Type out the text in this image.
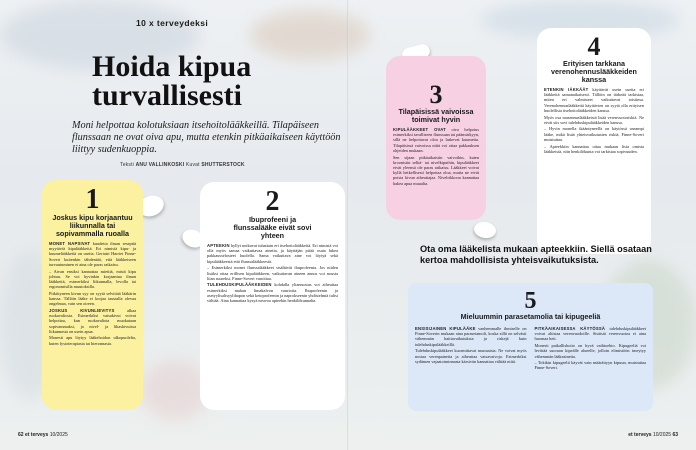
10 x terveydeksi
Hoida kipua turvallisesti
Moni helpottaa kolotuksiaan itsehoitolääkkeillä. Tilapäiseen flunssaan ne ovat oiva apu, mutta etenkin pitkäaikaiseen käyttöön liittyy sudenkuoppia.
Teksti ANU VALLINKOSKI Kuvat SHUTTERSTOCK
1
Joskus kipu korjaantuu liikunnalla tai sopivammalla ruoalla

MONET NAPSIVAT kuudetta ilman reseptiä myytäviä kipulääkkeitä. Eri nimisiä kipu- ja kuumelääkkeitä on useita. Geriatri Harriet Finne-Soveri kuitenkin tähdentää, että lääkkeiseen turvautuminen ei aina ole paras ratkaisu.

– Aivan ensiksi kannattaa miettiä, mistä kipu johtuu. Se voi hyvinkin korjaantua ilman lääkkeitä, esimerkiksi liikunnalla, levolla tai ergonomisilla muutoksilla.

Pitkittyneen kivun syy on syytä selvittää lääkärin kanssa. Tällöin lääke ei korjaa taustalla olevaa ongelmaa, vain sen oireen.

JOSKUS KIVUNLIEVITYS alkaa ruokavaliosta. Esimerkiksi vatsakivut voivat helpottaa, kun ruokavaliota muokataan sopivammaksi, ja nivel- ja lihaskivuissa liikunnasta on usein apua.

Monesti apu löytyy lääkehoidon ulkopuolelta, kuten fysioterapiasta tai hieronnasta.

2
Ibuprofeeni ja flunssalääke eivät sovi yhteen

APTEEKIN hyllyt notkuvat tuhattain eri itsehoitolääkkeitä. Eri nimisiä voi olla myös samaa vaikuttavaa ainetta, ja käyttäjän pitää osata lukea pakkausselosteet huolella. Sama vaikuttava aine voi löytyä sekä kipulääkkeestä että flunssalääkkeestä.

– Esimerkiksi monet flunssalääkkeet sisältävät ibuprofeenia. Jos niiden lisäksi ottaa erillisen kipulääkkeen, vaikuttavan aineen annos voi nousta liian suureksi, Finne-Soveri varoittaa.

TULEHDUSKIPULÄÄKKEIDEN kohdalla yliannostus voi aiheuttaa esimerkiksi mahan limakalvon vaurioita. Ibuprofeenin ja asetyylisalisyylihapon sekä ketoprofeenin ja naprokseenin yhdistelmiä tulisi välttää. Aina kannattaa kysyä neuvoa apteekin henkilökunnalta.

3
Tilapäisissä vaivoissa toimivat hyvin

KIPULÄÄKKEET OVAT oiva helpotus esimerkiksi tavalliseen flunssaan tai päänsärkyyn, sillä ne helpottavat oloa ja laskevat kuumetta. Tilapäisissä vaivoissa niitä voi ottaa pakkauksen ohjeiden mukaan.

Sen sijaan pitkäaikaisiin vaivoihin, kuten kroonisiin selkä- tai nivelkipuihin, kipulääkkeet eivät yleensä ole paras ratkaisu. Lääkkeet voivat kyllä hetkellisesti helpottaa oloa, mutta ne eivät poista kivun aiheuttajaa. Nivelrikkoon kannattaa hakea apua muualta.

4
Erityisen tarkkana verenohennuslääkkeiden kanssa

ETENKIN IÄKKÄÄT käyttävät usein useita eri lääkkeitä samanaikaisesti. Tällöin on tärkeää tarkistaa, miten eri valmisteet vaikuttavat toisiinsa. Verenohennuslääkkeitä käyttävien on syytä olla erityisen huolellisia itsehoitolääkkeiden kanssa.

Myös osa masennuslääkkeistä lisää verenvuotoriskiä. Ne eivät siis sovi tulehduskipulääkkeiden kanssa.

– Hyvin monella ikääntyneellä on käytössä useampi lääke, mikä lisää yhteisvaikutusten riskiä, Finne-Soveri muistuttaa.

– Apteekkiin kannattaa ottaa mukaan lista omista lääkkeistä, niin henkilökunta voi tarkistaa sopivuuden.

Ota oma lääkelista mukaan apteekkiin. Siellä osataan kertoa mahdollisista yhteisvaikutuksista.
5
Mieluummin parasetamolia tai kipugeeliä

ENSISIJAINEN KIPULÄÄKE vanhemmalle ihmiselle on Finne-Soverin mukaan aina parasetamoli, koska sillä on selvästi vähemmän haittavaikutuksia ja riskejä kuin tulehduskipulääkkeillä.

Tulehduskipulääkkeet kuormittavat munuaisia. Ne voivat myös nostaa verenpainetta ja aiheuttaa vatsavaivoja. Esimerkiksi sydämen vajaatoiminnasta kärsivän kannattaa välttää niitä.

PITKÄAIKAISESSA KÄYTÖSSÄ tulehduskipulääkkeet voivat altistaa verenvuodoille. Sisäistä verenvuotoa ei aina huomaa heti.

Monesti paikallishoito on hyvä vaihtoehto. Kipugeeliä voi levittää suoraan kipeälle alueelle, jolloin elimistöön imeytyy vähemmän lääkeainetta.

– Tokikin kipugeelit käyvät vain määrättyyn kipuun, muistuttaa Finne-Soveri.

62 et terveys 10/2025	et terveys 10/2025 63
